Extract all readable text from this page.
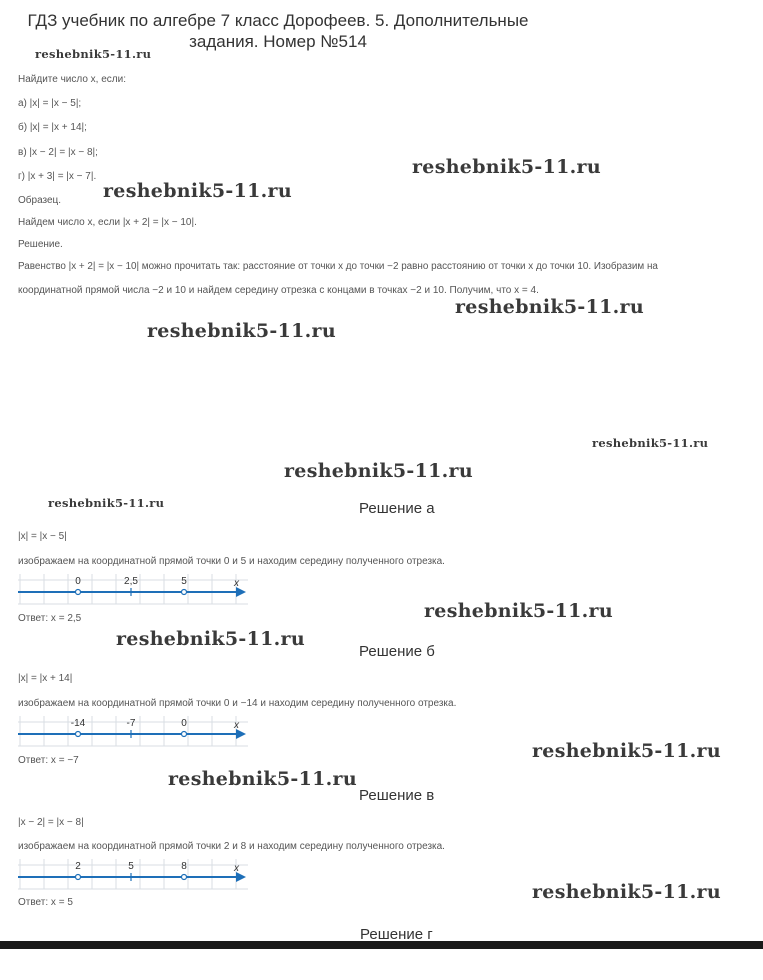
ГДЗ учебник по алгебре 7 класс Дорофеев. 5. Дополнительные
задания. Номер №514
reshebnik5-11.ru
reshebnik5-11.ru
reshebnik5-11.ru
reshebnik5-11.ru
reshebnik5-11.ru
reshebnik5-11.ru
reshebnik5-11.ru
reshebnik5-11.ru
reshebnik5-11.ru
reshebnik5-11.ru
reshebnik5-11.ru
reshebnik5-11.ru
reshebnik5-11.ru
Найдите число x, если:
а) |x| = |x − 5|;
б) |x| = |x + 14|;
в) |x − 2| = |x − 8|;
г) |x + 3| = |x − 7|.
Образец.
Найдем число x, если |x + 2| = |x − 10|.
Решение.
Равенство |x + 2| = |x − 10| можно прочитать так: расстояние от точки x до точки −2 равно расстоянию от точки x до точки 10. Изобразим на
координатной прямой числа −2 и 10 и найдем середину отрезка с концами в точках −2 и 10. Получим, что x = 4.
Решение а
|x| = |x − 5|
изображаем на координатной прямой точки 0 и 5 и находим середину полученного отрезка.
0	2,5	5	x
Ответ: x = 2,5
Решение б
|x| = |x + 14|
изображаем на координатной прямой точки 0 и −14 и находим середину полученного отрезка.
-14	-7	0	x
Ответ: x = −7
Решение в
|x − 2| = |x − 8|
изображаем на координатной прямой точки 2 и 8 и находим середину полученного отрезка.
2	5	8	x
Ответ: x = 5
Решение г
